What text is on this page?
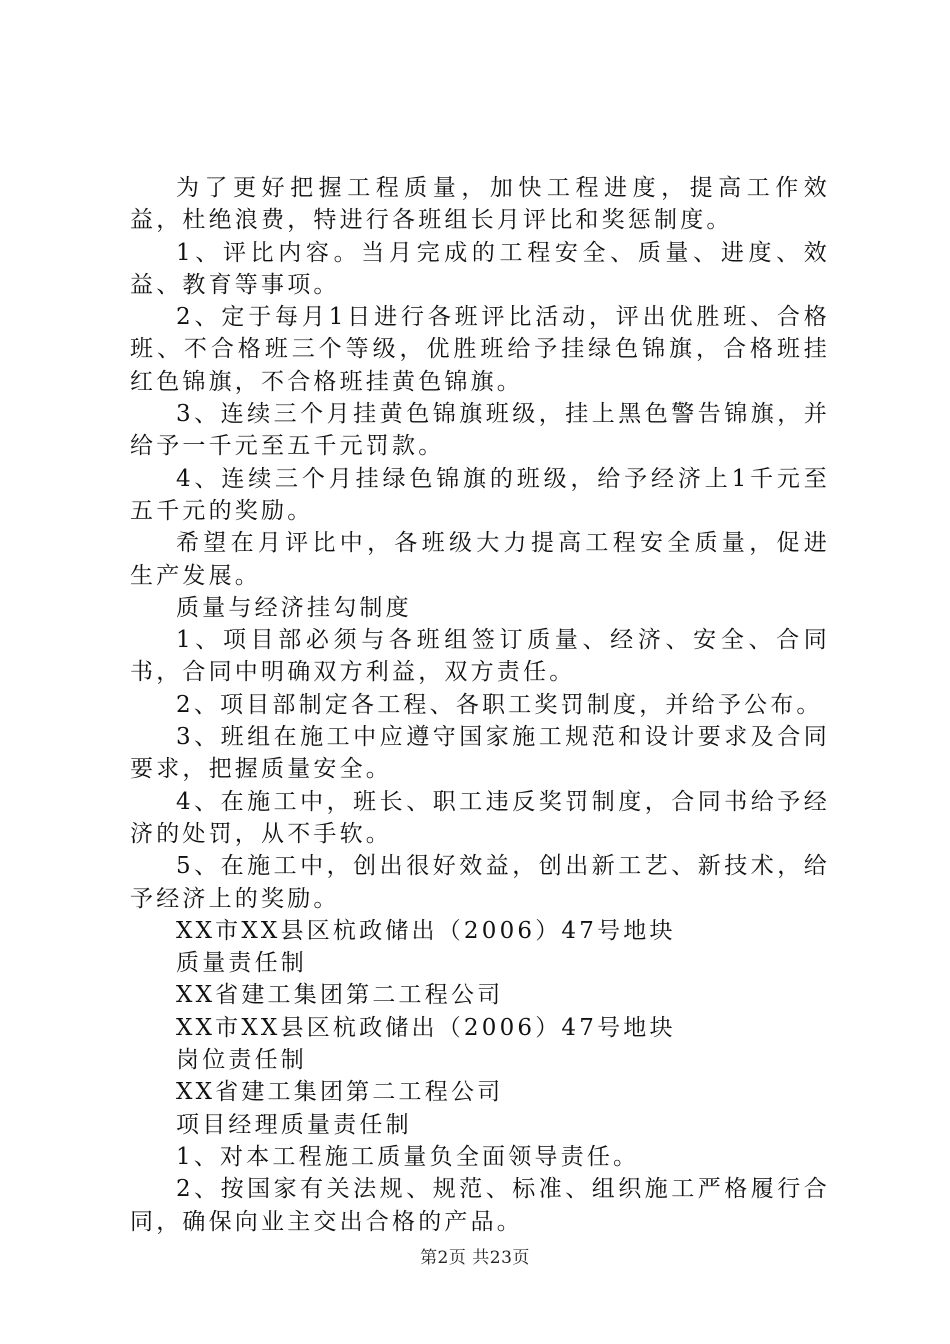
为了更好把握工程质量，加快工程进度，提高工作效益，杜绝浪费，特进行各班组长月评比和奖惩制度。

1、评比内容。当月完成的工程安全、质量、进度、效益、教育等事项。

2、定于每月1日进行各班评比活动，评出优胜班、合格班、不合格班三个等级，优胜班给予挂绿色锦旗，合格班挂红色锦旗，不合格班挂黄色锦旗。

3、连续三个月挂黄色锦旗班级，挂上黑色警告锦旗，并给予一千元至五千元罚款。

4、连续三个月挂绿色锦旗的班级，给予经济上1千元至五千元的奖励。

希望在月评比中，各班级大力提高工程安全质量，促进生产发展。

质量与经济挂勾制度

1、项目部必须与各班组签订质量、经济、安全、合同书，合同中明确双方利益，双方责任。

2、项目部制定各工程、各职工奖罚制度，并给予公布。

3、班组在施工中应遵守国家施工规范和设计要求及合同要求，把握质量安全。

4、在施工中，班长、职工违反奖罚制度，合同书给予经济的处罚，从不手软。

5、在施工中，创出很好效益，创出新工艺、新技术，给予经济上的奖励。

XX市XX县区杭政储出（2006）47号地块

质量责任制

XX省建工集团第二工程公司

XX市XX县区杭政储出（2006）47号地块

岗位责任制

XX省建工集团第二工程公司

项目经理质量责任制

1、对本工程施工质量负全面领导责任。

2、按国家有关法规、规范、标准、组织施工严格履行合同，确保向业主交出合格的产品。

第2页 共23页
